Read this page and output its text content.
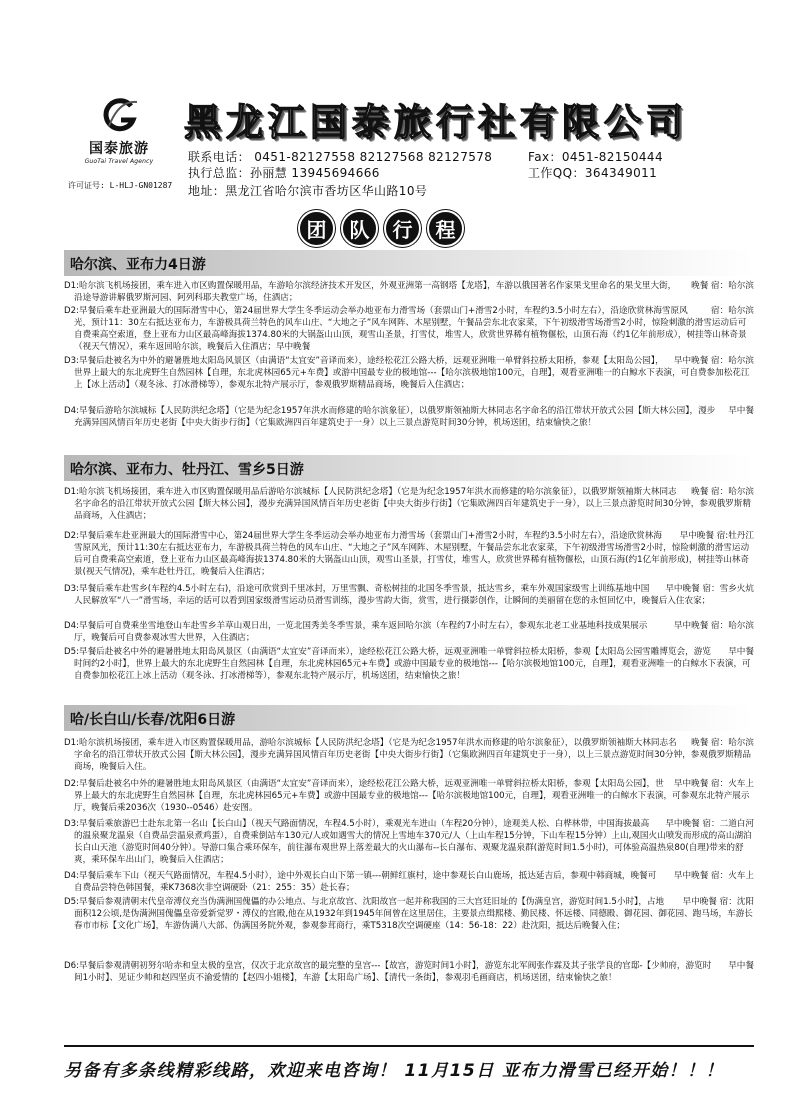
国泰旅游
GuoTai Travel Agency
许可证号: L-HLJ-GN01287
黑龙江国泰旅行社有限公司
联系电话： 0451-82127558 82127568 82127578	Fax：0451-82150444
执行总监：孙丽慧 13945694666	工作QQ：364349011
地址：黑龙江省哈尔滨市香坊区华山路10号
团	队	行	程
哈尔滨、亚布力4日游
晚餐 宿：哈尔滨
D1:哈尔滨飞机场接团，乘车进入市区购置保暖用品，车游哈尔滨经济技术开发区，外观亚洲第一高钢塔【龙塔】，车游以俄国著名作家果戈里命名的果戈里大街，沿途导游讲解俄罗斯河园、阿列科耶夫教堂广场，住酒店；
宿：哈尔滨
D2:早餐后乘车赴亚洲最大的国际滑雪中心，第24届世界大学生冬季运动会举办地亚布力滑雪场（套票山门+滑雪2小时，车程约3.5小时左右），沿途欣赏林海雪原风光，预计11：30左右抵达亚布力，车游极具荷兰特色的风车山庄、“大地之子”风车网阵、木屋别墅，午餐品尝东北农家菜，下午初级滑雪场滑雪2小时，惊险刺激的滑雪运动后可自费乘高空索道，登上亚布力山区最高峰海拔1374.80米的大锅盔山山顶，观雪山圣景，打雪仗，堆雪人，欣赏世界稀有植物偃松，山顶石海（约1亿年前形成），树挂等山林奇景（视天气情况），乘车返回哈尔滨，晚餐后入住酒店；早中晚餐
早中晚餐 宿：哈尔滨
D3:早餐后赴被名为中外的避暑胜地太阳岛风景区（由满语“太宜安”音译而来），途经松花江公路大桥，远观亚洲唯一单臂斜拉桥太阳桥，参观【太阳岛公园】，世界上最大的东北虎野生自然园林【自理，东北虎林园65元+车费】或游中国最专业的极地馆---【哈尔滨极地馆100元，自理】，观看亚洲唯一的白鲸水下表演，可自费参加松花江上【冰上活动】（观冬泳、打冰滑梯等），参观东北特产展示厅，参观俄罗斯精品商场，晚餐后入住酒店；
早中餐
D4:早餐后游哈尔滨城标【人民防洪纪念塔】（它是为纪念1957年洪水而修建的哈尔滨象征），以俄罗斯领袖斯大林同志名字命名的沿江带状开放式公园【斯大林公园】，漫步充满异国风情百年历史老街【中央大街步行街】（它集欧洲四百年建筑史于一身）以上三景点游览时间30分钟，机场送团，结束愉快之旅！
哈尔滨、亚布力、牡丹江、雪乡5日游
晚餐 宿：哈尔滨
D1:哈尔滨飞机场接团，乘车进入市区购置保暖用品后游哈尔滨城标【人民防洪纪念塔】（它是为纪念1957年洪水而修建的哈尔滨象征），以俄罗斯领袖斯大林同志名字命名的沿江带状开放式公园【斯大林公园】，漫步充满异国风情百年历史老街【中央大街步行街】（它集欧洲四百年建筑史于一身），以上三景点游览时间30分钟，参观俄罗斯精品商场，入住酒店；
早中晚餐 宿:牡丹江
D2:早餐后乘车赴亚洲最大的国际滑雪中心，第24届世界大学生冬季运动会举办地亚布力滑雪场（套票山门+滑雪2小时，车程约3.5小时左右），沿途欣赏林海雪原风光，预计11:30左右抵达亚布力，车游极具荷兰特色的风车山庄、“大地之子”风车网阵、木屋别墅，午餐品尝东北农家菜，下午初级滑雪场滑雪2小时，惊险刺激的滑雪运动后可自费乘高空索道，登上亚布力山区最高峰海拔1374.80米的大锅盔山山顶，观雪山圣景，打雪仗，堆雪人，欣赏世界稀有植物偃松，山顶石海(约1亿年前形成)，树挂等山林奇景(视天气情况)，乘车赴牡丹江，晚餐后入住酒店；
早中晚餐 宿：雪乡火炕
D3:早餐后乘车赴雪乡(车程约4.5小时左右)，沿途可欣赏到千里冰封，万里雪飘、奇松树挂的北国冬季雪景，抵达雪乡，乘车外观国家级雪上训练基地中国人民解放军“八一”滑雪场，幸运的话可以看到国家级滑雪运动员滑雪训练，漫步雪韵大街，赏雪，进行摄影创作，让瞬间的美丽留在您的永恒回忆中，晚餐后入住农家；
早中晚餐 宿：哈尔滨
D4:早餐后可自费乘坐雪地登山车赴雪乡羊草山观日出，一览北国秀美冬季雪景，乘车返回哈尔滨（车程约7小时左右），参观东北老工业基地科技成果展示厅，晚餐后可自费参观冰雪大世界，入住酒店；
早中餐
D5:早餐后赴被名中外的避暑胜地太阳岛风景区（由满语“太宜安”音译而来），途经松花江公路大桥，远观亚洲唯一单臂斜拉桥太阳桥，参观【太阳岛公园雪雕博览会，游览时间约2小时】，世界上最大的东北虎野生自然园林【自理，东北虎林园65元+车费】或游中国最专业的极地馆---【哈尔滨极地馆100元，自理】，观看亚洲唯一的白鲸水下表演，可自费参加松花江上冰上活动（观冬泳、打冰滑梯等），参观东北特产展示厅，机场送团，结束愉快之旅！
哈/长白山/长春/沈阳6日游
晚餐 宿：哈尔滨
D1:哈尔滨机场接团，乘车进入市区购置保暖用品，游哈尔滨城标【人民防洪纪念塔】（它是为纪念1957年洪水而修建的哈尔滨象征），以俄罗斯领袖斯大林同志名字命名的沿江带状开放式公园【斯大林公园】，漫步充满异国风情百年历史老街【中央大街步行街】（它集欧洲四百年建筑史于一身），以上三景点游览时间30分钟，参观俄罗斯精品商场，晚餐后入住。
早中晚餐 宿：火车上
D2:早餐后赴被名中外的避暑胜地太阳岛风景区（由满语“太宜安”音译而来），途经松花江公路大桥，远观亚洲唯一单臂斜拉桥太阳桥，参观【太阳岛公园】，世界上最大的东北虎野生自然园林【自理，东北虎林园65元+车费】或游中国最专业的极地馆---【哈尔滨极地馆100元，自理】，观看亚洲唯一的白鲸水下表演，可参观东北特产展示厅，晚餐后乘2036次（1930--0546）赴安图。
早中晚餐 宿：二道白河
D3:早餐后乘旅游巴士赴东北第一名山【长白山】（视天气路面情况，车程4.5小时），乘观光车进山（车程20分钟），途观美人松、白桦林带，中国海拔最高的温泉聚龙温泉（自费品尝温泉煮鸡蛋），自费乘倒站车130元/人或如遇雪大的情况上雪地车370元/人（上山车程15分钟，下山车程15分钟）上山,观国火山喷发而形成的高山湖泊长白山天池（游览时间40分钟）。导游口集合乘环保车，前往瀑布观世界上落差最大的火山瀑布--长白瀑布、观聚龙温泉群(游览时间1.5小时)，可体验高温热泉80(自理)带来的舒爽，乘环保车出山门，晚餐后入住酒店；
早中晚餐 宿：火车上
D4:早餐后乘车下山（视天气路面情况，车程4.5小时），途中外观长白山下第一镇---朝鲜红旗村，途中参观长白山鹿场，抵达延吉后，参观中韩商城，晚餐可自费品尝特色韩国餐，乘K7368次非空调硬卧（21：255：35）赴长春；
早中晚餐 宿：沈阳
D5:早餐后参观清朝末代皇帝溥仪充当伪满洲国傀儡的办公地点、与北京故宫、沈阳故宫一起并称我国的三大宫廷旧址的【伪满皇宫，游览时间1.5小时】，占地面积12公顷,是伪满洲国傀儡皇帝爱新觉罗・溥仪的宫殿,他在从1932年到1945年间曾在这里居住，主要景点缉熙楼、勤民楼、怀远楼、同德殿、御花园、御花园、跑马场，车游长春市市标【文化广场】，车游伪满八大部、伪满国务院外观，参观参茸商行，乘T5318次空调硬座（14：56-18：22）赴沈阳，抵达后晚餐入住；
早中餐
D6:早餐后参观清朝初努尔哈赤和皇太极的皇宫，仅次于北京故宫的最完整的皇宫---【故宫，游览时间1小时】，游览东北军阀张作霖及其子张学良的官邸-【少帅府，游览时间1小时】、见证少帅和赵四坚贞不渝爱情的【赵四小姐楼】，车游【太阳岛广场】、【清代一条街】，参观羽毛画商店，机场送团，结束愉快之旅！
另备有多条线精彩线路，欢迎来电咨询！ 11月15日 亚布力滑雪已经开始！！！
